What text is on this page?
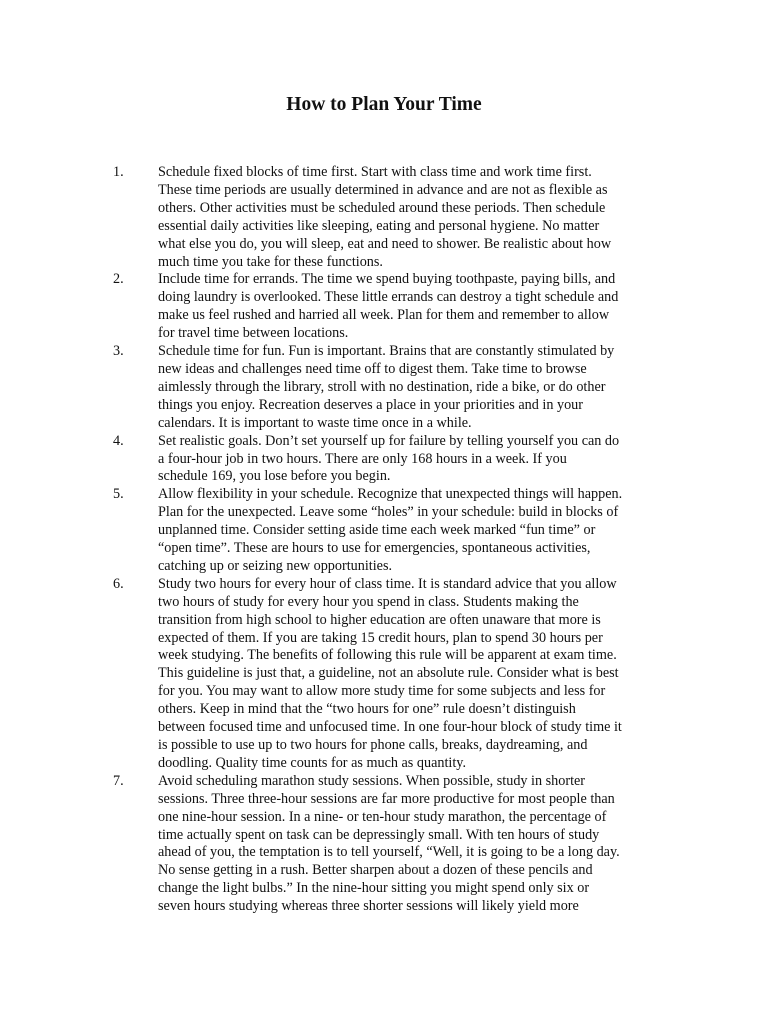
How to Plan Your Time
1. Schedule fixed blocks of time first. Start with class time and work time first.
These time periods are usually determined in advance and are not as flexible as
others. Other activities must be scheduled around these periods. Then schedule
essential daily activities like sleeping, eating and personal hygiene. No matter
what else you do, you will sleep, eat and need to shower. Be realistic about how
much time you take for these functions.
2. Include time for errands. The time we spend buying toothpaste, paying bills, and
doing laundry is overlooked. These little errands can destroy a tight schedule and
make us feel rushed and harried all week. Plan for them and remember to allow
for travel time between locations.
3. Schedule time for fun. Fun is important. Brains that are constantly stimulated by
new ideas and challenges need time off to digest them. Take time to browse
aimlessly through the library, stroll with no destination, ride a bike, or do other
things you enjoy. Recreation deserves a place in your priorities and in your
calendars. It is important to waste time once in a while.
4. Set realistic goals. Don’t set yourself up for failure by telling yourself you can do
a four-hour job in two hours. There are only 168 hours in a week. If you
schedule 169, you lose before you begin.
5. Allow flexibility in your schedule. Recognize that unexpected things will happen.
Plan for the unexpected. Leave some “holes” in your schedule: build in blocks of
unplanned time. Consider setting aside time each week marked “fun time” or
“open time”. These are hours to use for emergencies, spontaneous activities,
catching up or seizing new opportunities.
6. Study two hours for every hour of class time. It is standard advice that you allow
two hours of study for every hour you spend in class. Students making the
transition from high school to higher education are often unaware that more is
expected of them. If you are taking 15 credit hours, plan to spend 30 hours per
week studying. The benefits of following this rule will be apparent at exam time.
This guideline is just that, a guideline, not an absolute rule. Consider what is best
for you. You may want to allow more study time for some subjects and less for
others. Keep in mind that the “two hours for one” rule doesn’t distinguish
between focused time and unfocused time. In one four-hour block of study time it
is possible to use up to two hours for phone calls, breaks, daydreaming, and
doodling. Quality time counts for as much as quantity.
7. Avoid scheduling marathon study sessions. When possible, study in shorter
sessions. Three three-hour sessions are far more productive for most people than
one nine-hour session. In a nine- or ten-hour study marathon, the percentage of
time actually spent on task can be depressingly small. With ten hours of study
ahead of you, the temptation is to tell yourself, “Well, it is going to be a long day.
No sense getting in a rush. Better sharpen about a dozen of these pencils and
change the light bulbs.” In the nine-hour sitting you might spend only six or
seven hours studying whereas three shorter sessions will likely yield more
